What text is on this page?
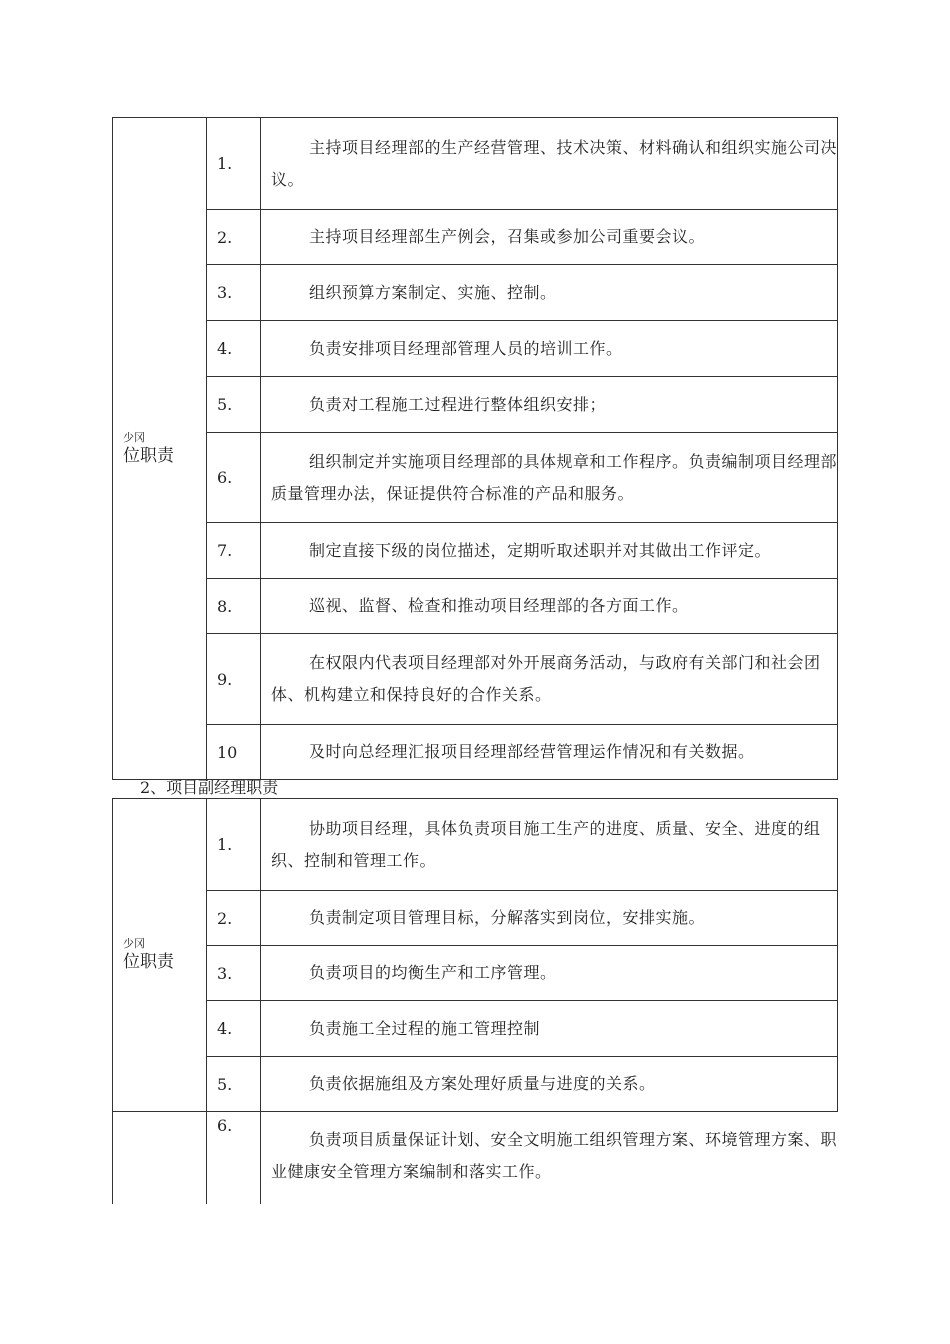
少冈
位职责	1.	主持项目经理部的生产经营管理、技术决策、材料确认和组织实施公司决议。
	2.	主持项目经理部生产例会，召集或参加公司重要会议。
	3.	组织预算方案制定、实施、控制。
	4.	负责安排项目经理部管理人员的培训工作。
	5.	负责对工程施工过程进行整体组织安排；
	6.	组织制定并实施项目经理部的具体规章和工作程序。负责编制项目经理部质量管理办法，保证提供符合标准的产品和服务。
	7.	制定直接下级的岗位描述，定期听取述职并对其做出工作评定。
	8.	巡视、监督、检查和推动项目经理部的各方面工作。
	9.	在权限内代表项目经理部对外开展商务活动，与政府有关部门和社会团体、机构建立和保持良好的合作关系。
	10	及时向总经理汇报项目经理部经营管理运作情况和有关数据。
2、项目副经理职责
少冈
位职责	1.	协助项目经理，具体负责项目施工生产的进度、质量、安全、进度的组织、控制和管理工作。
	2.	负责制定项目管理目标，分解落实到岗位，安排实施。
	3.	负责项目的均衡生产和工序管理。
	4.	负责施工全过程的施工管理控制
	5.	负责依据施组及方案处理好质量与进度的关系。
	6.	负责项目质量保证计划、安全文明施工组织管理方案、环境管理方案、职业健康安全管理方案编制和落实工作。
